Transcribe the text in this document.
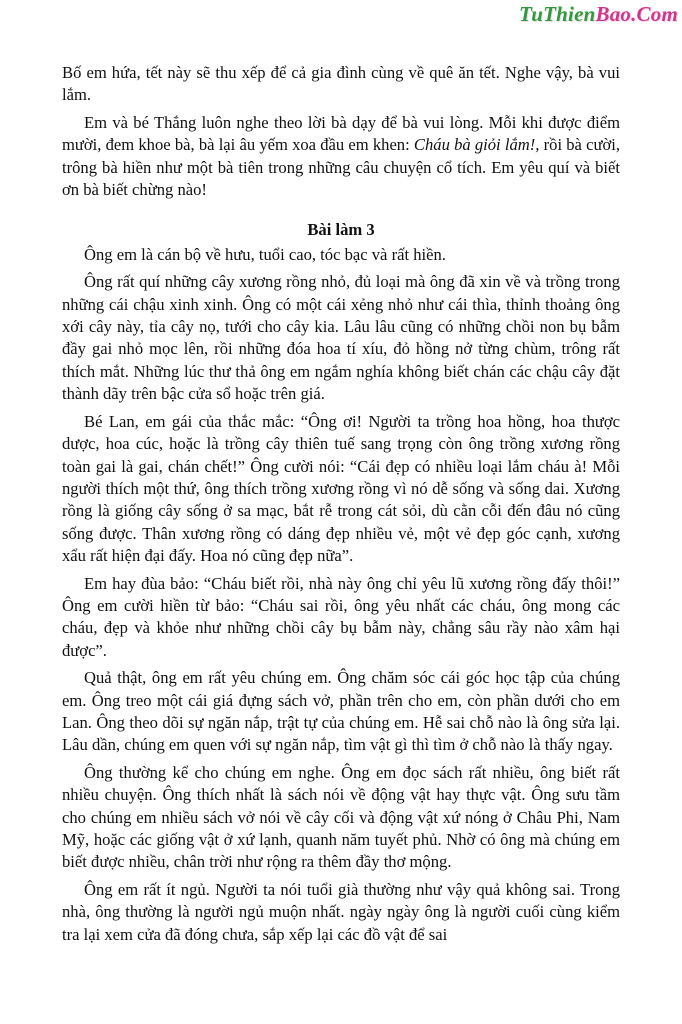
TuThienBao.Com

Bố em hứa, tết này sẽ thu xếp để cả gia đình cùng về quê ăn tết. Nghe vậy, bà vui lắm.

Em và bé Thắng luôn nghe theo lời bà dạy để bà vui lòng. Mỗi khi được điểm mười, đem khoe bà, bà lại âu yếm xoa đầu em khen: Cháu bà giỏi lắm!, rồi bà cười, trông bà hiền như một bà tiên trong những câu chuyện cổ tích. Em yêu quí và biết ơn bà biết chừng nào!

Bài làm 3

Ông em là cán bộ về hưu, tuổi cao, tóc bạc và rất hiền.

Ông rất quí những cây xương rồng nhỏ, đủ loại mà ông đã xin về và trồng trong những cái chậu xinh xinh. Ông có một cái xẻng nhỏ như cái thìa, thỉnh thoảng ông xới cây này, tỉa cây nọ, tưới cho cây kia. Lâu lâu cũng có những chồi non bụ bẫm đầy gai nhỏ mọc lên, rồi những đóa hoa tí xíu, đỏ hồng nở từng chùm, trông rất thích mắt. Những lúc thư thả ông em ngắm nghía không biết chán các chậu cây đặt thành dãy trên bậc cửa sổ hoặc trên giá.

Bé Lan, em gái của thắc mắc: “Ông ơi! Người ta trồng hoa hồng, hoa thược dược, hoa cúc, hoặc là trồng cây thiên tuế sang trọng còn ông trồng xương rồng toàn gai là gai, chán chết!” Ông cười nói: “Cái đẹp có nhiều loại lắm cháu à! Mỗi người thích một thứ, ông thích trồng xương rồng vì nó dễ sống và sống dai. Xương rồng là giống cây sống ở sa mạc, bắt rễ trong cát sỏi, dù cằn cỗi đến đâu nó cũng sống được. Thân xương rồng có dáng đẹp nhiều vẻ, một vẻ đẹp góc cạnh, xương xẩu rất hiện đại đấy. Hoa nó cũng đẹp nữa”.

Em hay đùa bảo: “Cháu biết rồi, nhà này ông chỉ yêu lũ xương rồng đấy thôi!” Ông em cười hiền từ bảo: “Cháu sai rồi, ông yêu nhất các cháu, ông mong các cháu, đẹp và khỏe như những chồi cây bụ bẫm này, chẳng sâu rầy nào xâm hại được”.

Quả thật, ông em rất yêu chúng em. Ông chăm sóc cái góc học tập của chúng em. Ông treo một cái giá đựng sách vở, phần trên cho em, còn phần dưới cho em Lan. Ông theo dõi sự ngăn nắp, trật tự của chúng em. Hễ sai chỗ nào là ông sửa lại. Lâu dần, chúng em quen với sự ngăn nắp, tìm vật gì thì tìm ở chỗ nào là thấy ngay.

Ông thường kể cho chúng em nghe. Ông em đọc sách rất nhiều, ông biết rất nhiều chuyện. Ông thích nhất là sách nói về động vật hay thực vật. Ông sưu tầm cho chúng em nhiều sách vở nói về cây cối và động vật xứ nóng ở Châu Phi, Nam Mỹ, hoặc các giống vật ở xứ lạnh, quanh năm tuyết phủ. Nhờ có ông mà chúng em biết được nhiều, chân trời như rộng ra thêm đầy thơ mộng.

Ông em rất ít ngủ. Người ta nói tuổi già thường như vậy quả không sai. Trong nhà, ông thường là người ngủ muộn nhất. ngày ngày ông là người cuối cùng kiểm tra lại xem cửa đã đóng chưa, sắp xếp lại các đồ vật để sai
